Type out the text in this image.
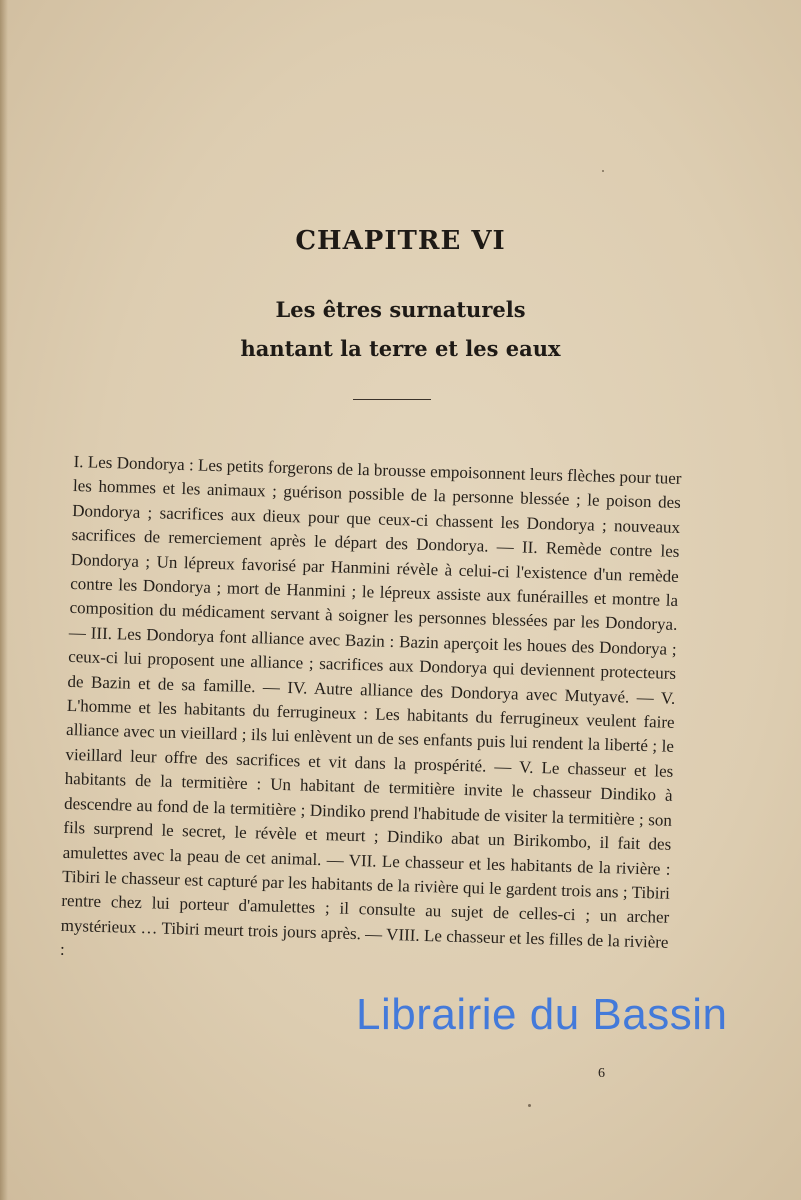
CHAPITRE VI
Les êtres surnaturels
hantant la terre et les eaux

I. Les Dondorya : Les petits forgerons de la brousse empoisonnent leurs flèches pour tuer les hommes et les animaux ; guérison possible de la personne blessée ; le poison des Dondorya ; sacrifices aux dieux pour que ceux-ci chassent les Dondorya ; nouveaux sacrifices de remerciement après le départ des Dondorya. — II. Remède contre les Dondorya ; Un lépreux favorisé par Hanmini révèle à celui-ci l'existence d'un remède contre les Dondorya ; mort de Hanmini ; le lépreux assiste aux funérailles et montre la composition du médicament servant à soigner les personnes blessées par les Dondorya. — III. Les Dondorya font alliance avec Bazin : Bazin aperçoit les houes des Dondorya ; ceux-ci lui proposent une alliance ; sacrifices aux Dondorya qui deviennent protecteurs de Bazin et de sa famille. — IV. Autre alliance des Dondorya avec Mutyavé. — V. L'homme et les habitants du ferrugineux : Les habitants du ferrugineux veulent faire alliance avec un vieillard ; ils lui enlèvent un de ses enfants puis lui rendent la liberté ; le vieillard leur offre des sacrifices et vit dans la prospérité. — V. Le chasseur et les habitants de la termitière : Un habitant de termitière invite le chasseur Dindiko à descendre au fond de la termitière ; Dindiko prend l'habitude de visiter la termitière ; son fils surprend le secret, le révèle et meurt ; Dindiko abat un Birikombo, il fait des amulettes avec la peau de cet animal. — VII. Le chasseur et les habitants de la rivière : Tibiri le chasseur est capturé par les habitants de la rivière qui le gardent trois ans ; Tibiri rentre chez lui porteur d'amulettes ; il consulte au sujet de celles-ci ; un archer mystérieux … Tibiri meurt trois jours après. — VIII. Le chasseur et les filles de la rivière :

6
Librairie du Bassin
